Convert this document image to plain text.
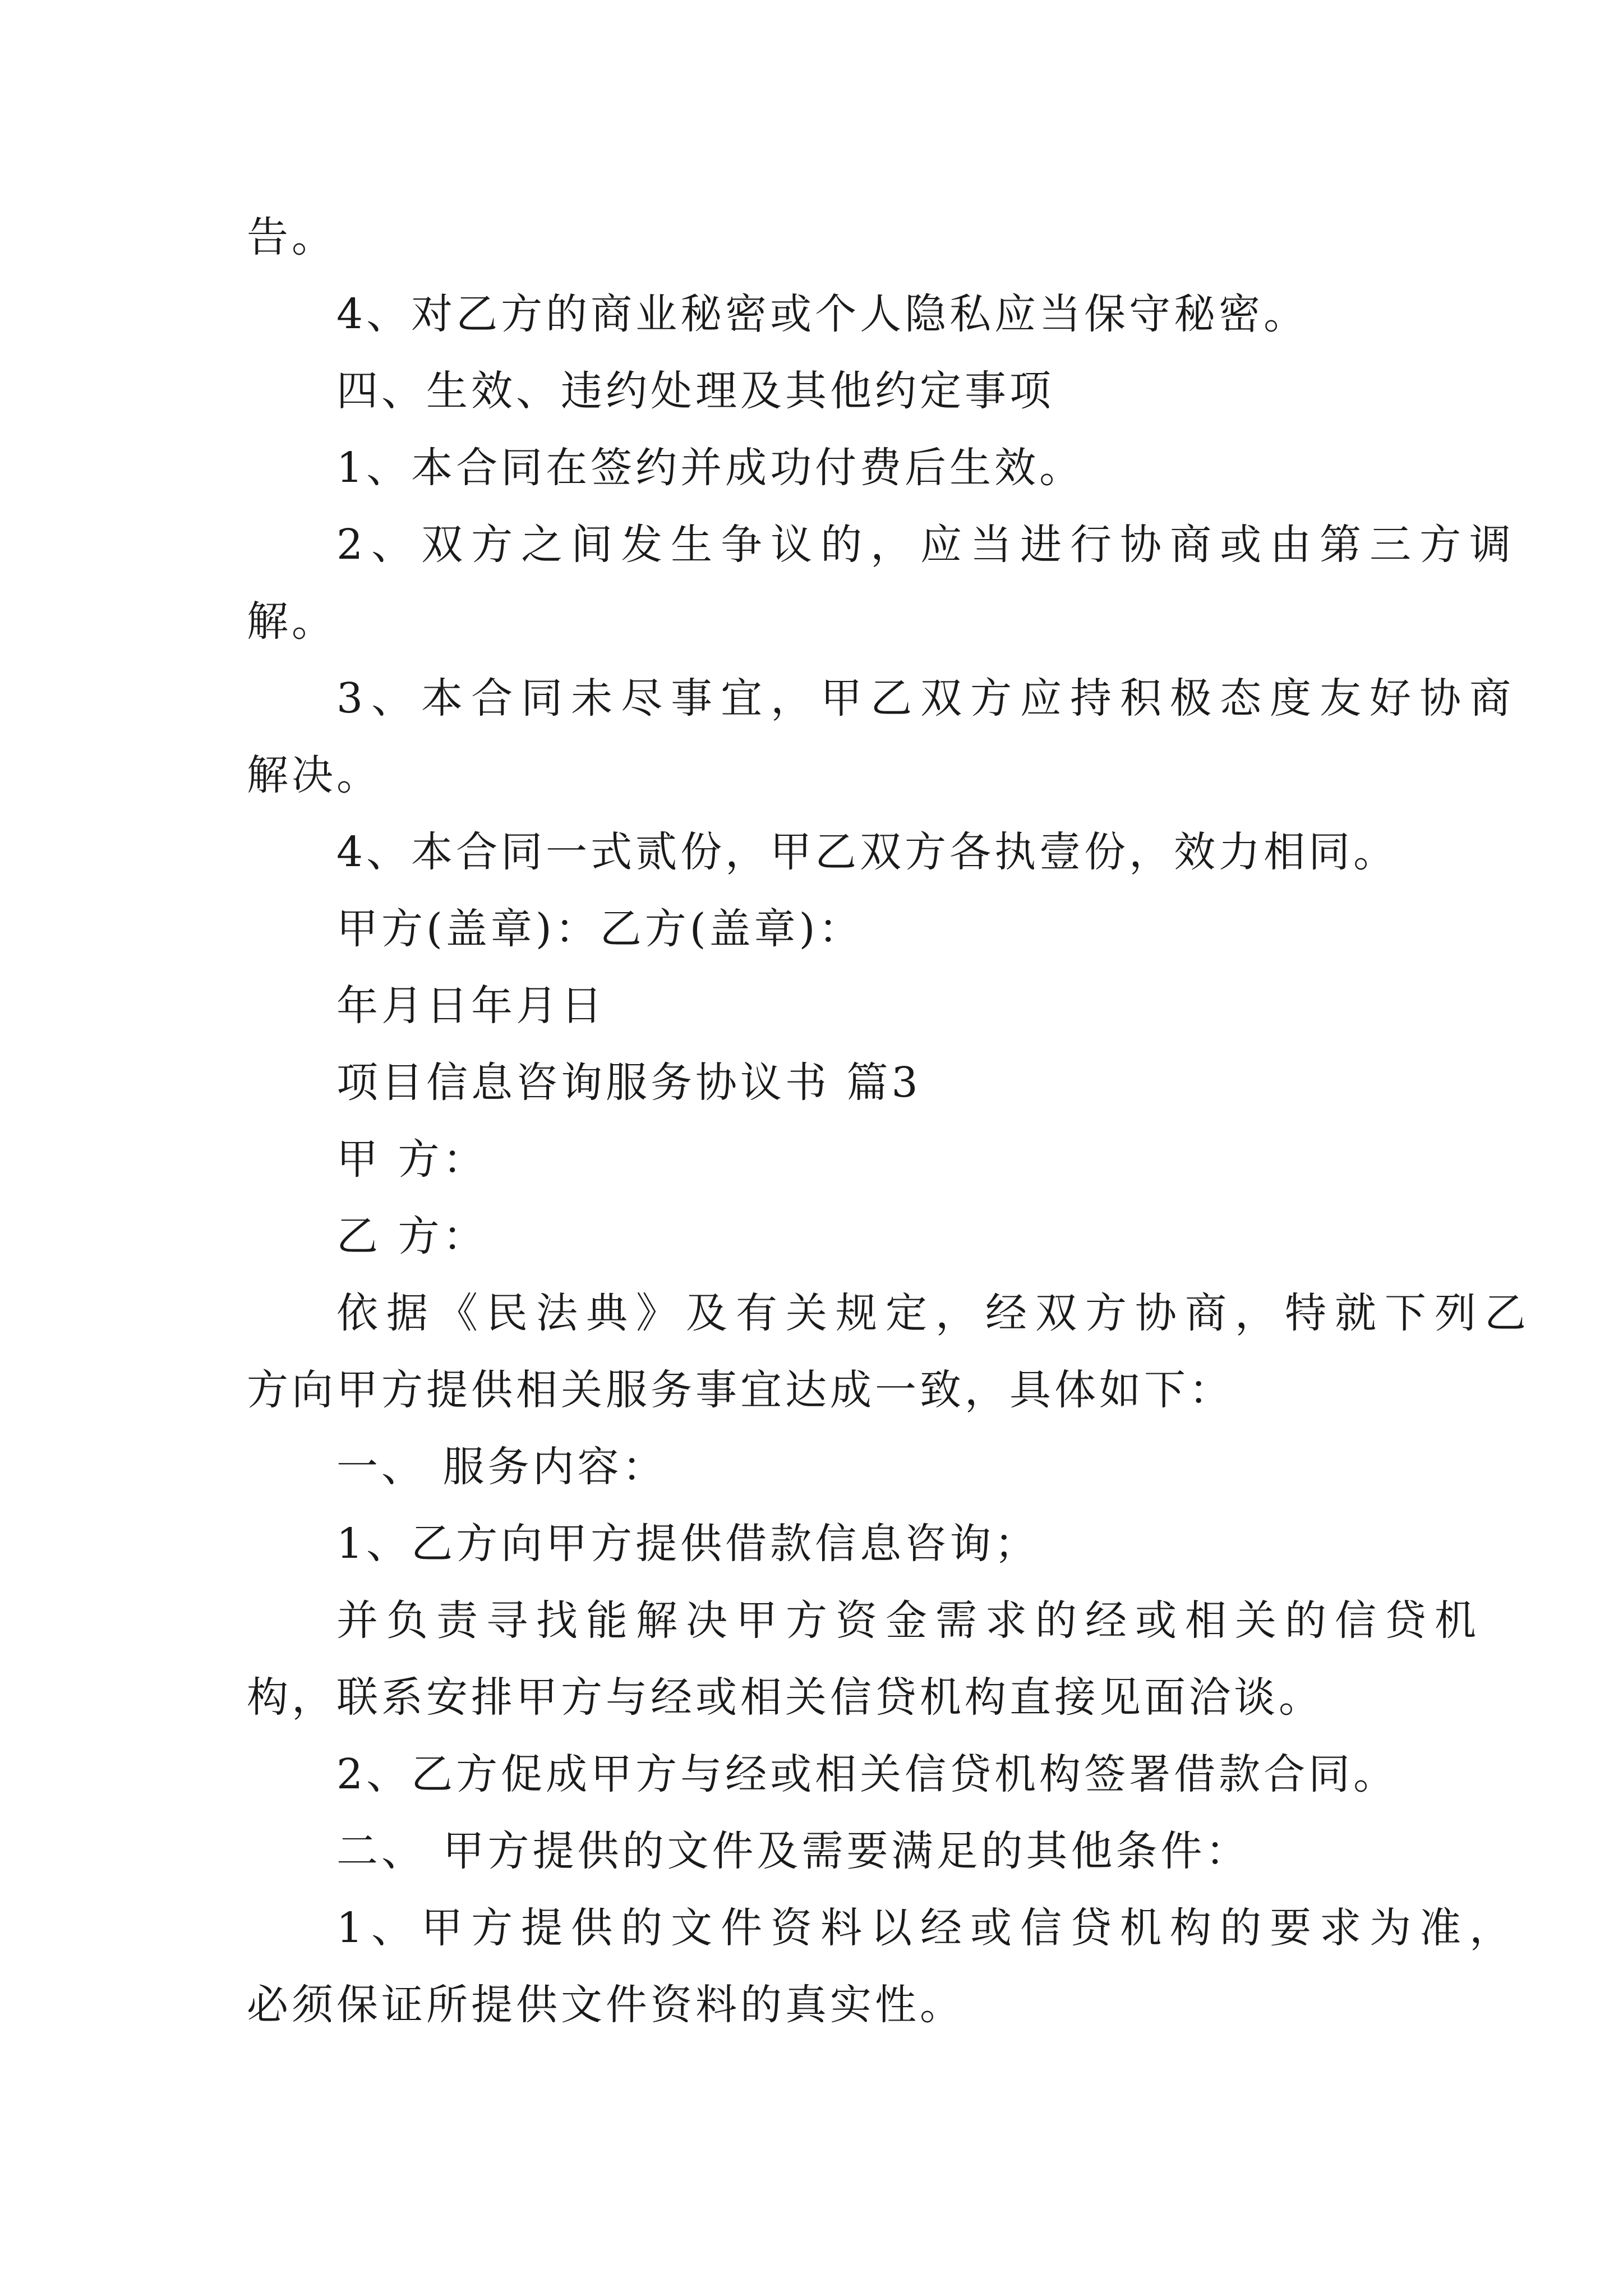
告。
4、对乙方的商业秘密或个人隐私应当保守秘密。
四、生效、违约处理及其他约定事项
1、本合同在签约并成功付费后生效。
2、双方之间发生争议的，应当进行协商或由第三方调
解。
3、本合同未尽事宜，甲乙双方应持积极态度友好协商
解决。
4、本合同一式贰份，甲乙双方各执壹份，效力相同。
甲方(盖章)：乙方(盖章)：
年月日年月日
项目信息咨询服务协议书 篇3
甲 方：
乙 方：
依据《民法典》及有关规定，经双方协商，特就下列乙
方向甲方提供相关服务事宜达成一致，具体如下：
一、 服务内容：
1、乙方向甲方提供借款信息咨询；
并负责寻找能解决甲方资金需求的经或相关的信贷机
构，联系安排甲方与经或相关信贷机构直接见面洽谈。
2、乙方促成甲方与经或相关信贷机构签署借款合同。
二、 甲方提供的文件及需要满足的其他条件：
1、甲方提供的文件资料以经或信贷机构的要求为准，
必须保证所提供文件资料的真实性。
